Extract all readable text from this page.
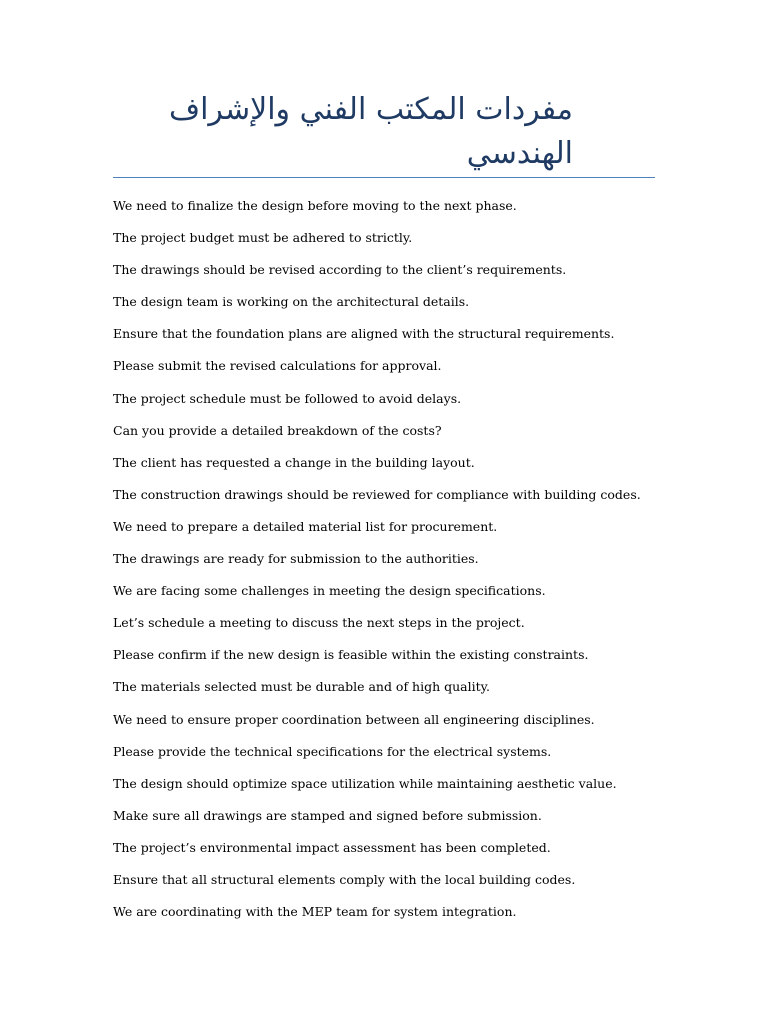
مفردات المكتب الفني والإشراف الهندسي
We need to finalize the design before moving to the next phase.
The project budget must be adhered to strictly.
The drawings should be revised according to the client’s requirements.
The design team is working on the architectural details.
Ensure that the foundation plans are aligned with the structural requirements.
Please submit the revised calculations for approval.
The project schedule must be followed to avoid delays.
Can you provide a detailed breakdown of the costs?
The client has requested a change in the building layout.
The construction drawings should be reviewed for compliance with building codes.
We need to prepare a detailed material list for procurement.
The drawings are ready for submission to the authorities.
We are facing some challenges in meeting the design specifications.
Let’s schedule a meeting to discuss the next steps in the project.
Please confirm if the new design is feasible within the existing constraints.
The materials selected must be durable and of high quality.
We need to ensure proper coordination between all engineering disciplines.
Please provide the technical specifications for the electrical systems.
The design should optimize space utilization while maintaining aesthetic value.
Make sure all drawings are stamped and signed before submission.
The project’s environmental impact assessment has been completed.
Ensure that all structural elements comply with the local building codes.
We are coordinating with the MEP team for system integration.
